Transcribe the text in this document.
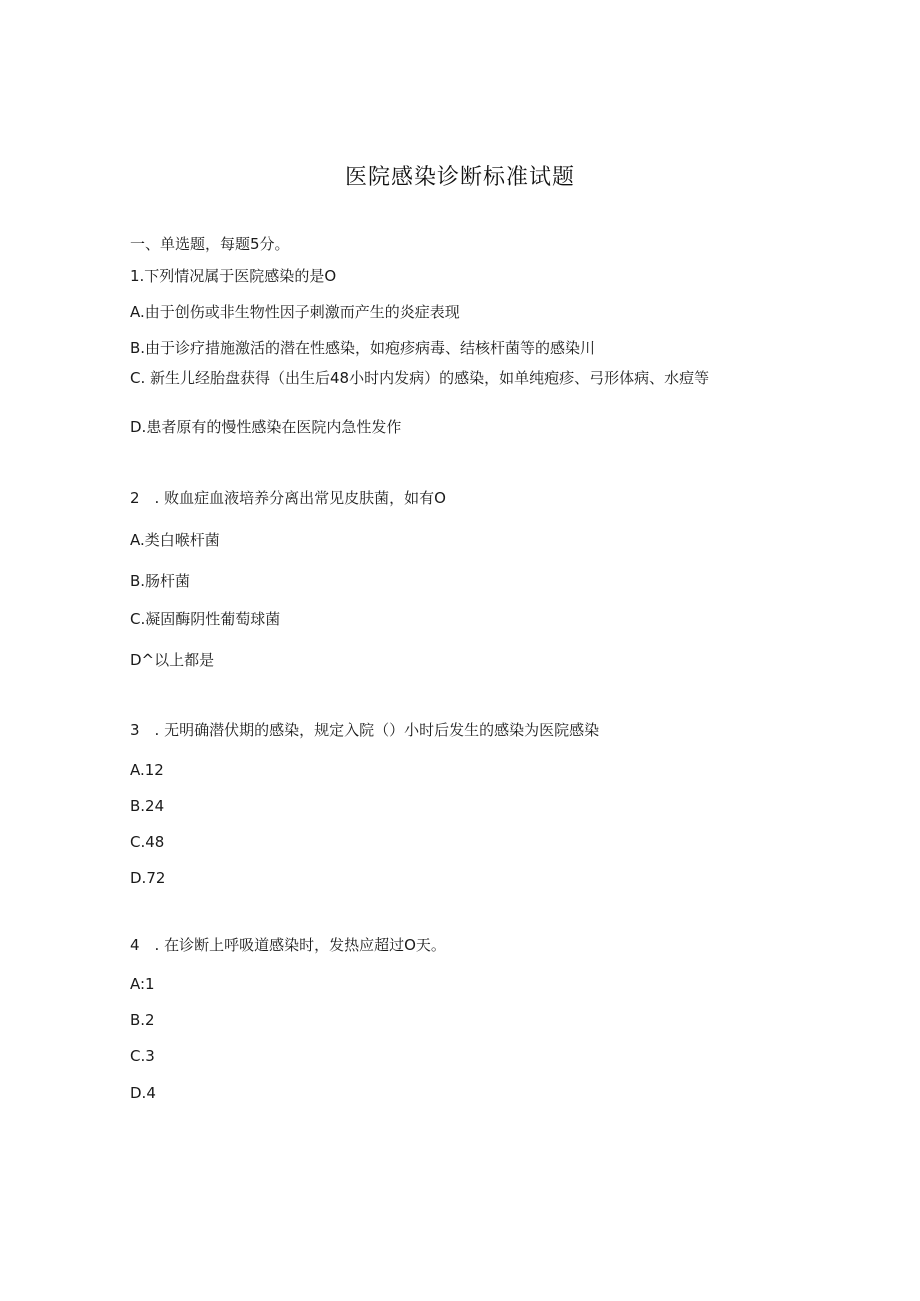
医院感染诊断标准试题
一、单选题，每题5分。
1.下列情况属于医院感染的是O
A.由于创伤或非生物性因子刺激而产生的炎症表现
B.由于诊疗措施激活的潜在性感染，如疱疹病毒、结核杆菌等的感染川
C. 新生儿经胎盘获得（出生后48小时内发病）的感染，如单纯疱疹、弓形体病、水痘等
D.患者原有的慢性感染在医院内急性发作
2　. 败血症血液培养分离出常见皮肤菌，如有O
A.类白喉杆菌
B.肠杆菌
C.凝固酶阴性葡萄球菌
D^以上都是
3　. 无明确潜伏期的感染，规定入院（）小时后发生的感染为医院感染
A.12
B.24
C.48
D.72
4　. 在诊断上呼吸道感染时，发热应超过O天。
A:1
B.2
C.3
D.4
